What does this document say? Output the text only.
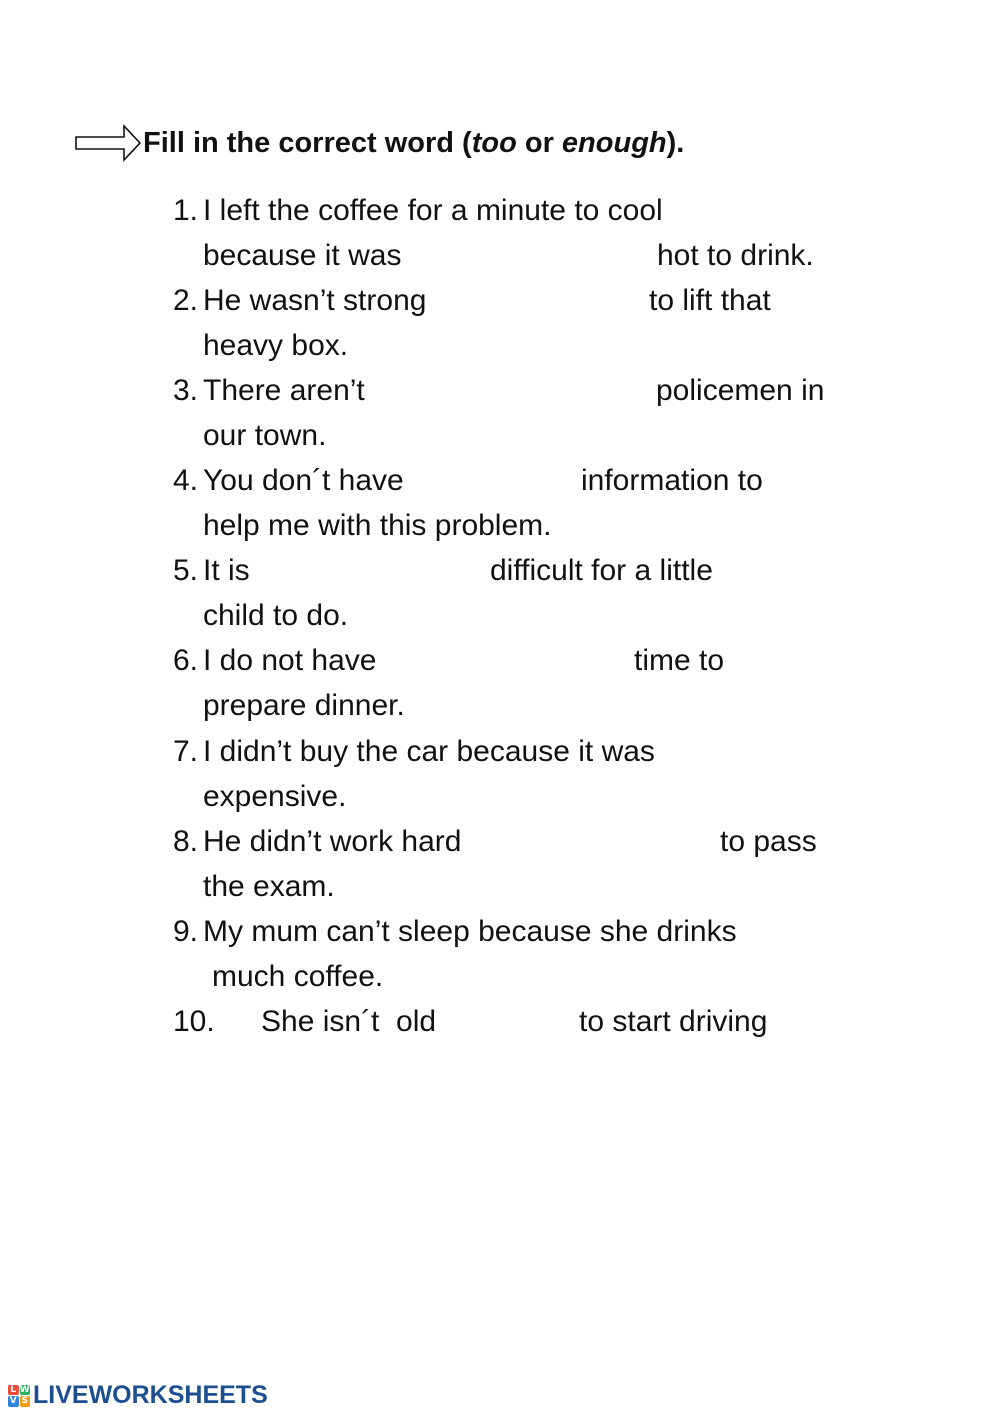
Fill in the correct word (too or enough).
1. I left the coffee for a minute to cool
because it was	hot to drink.
2. He wasn’t strong	to lift that
heavy box.
3. There aren’t	policemen in
our town.
4. You don´t have	information to
help me with this problem.
5. It is	difficult for a little
child to do.
6. I do not have	time to
prepare dinner.
7. I didn’t buy the car because it was
expensive.
8. He didn’t work hard	to pass
the exam.
9. My mum can’t sleep because she drinks
much coffee.
10. She isn´t  old	to start driving
L W
V S LIVEWORKSHEETS
